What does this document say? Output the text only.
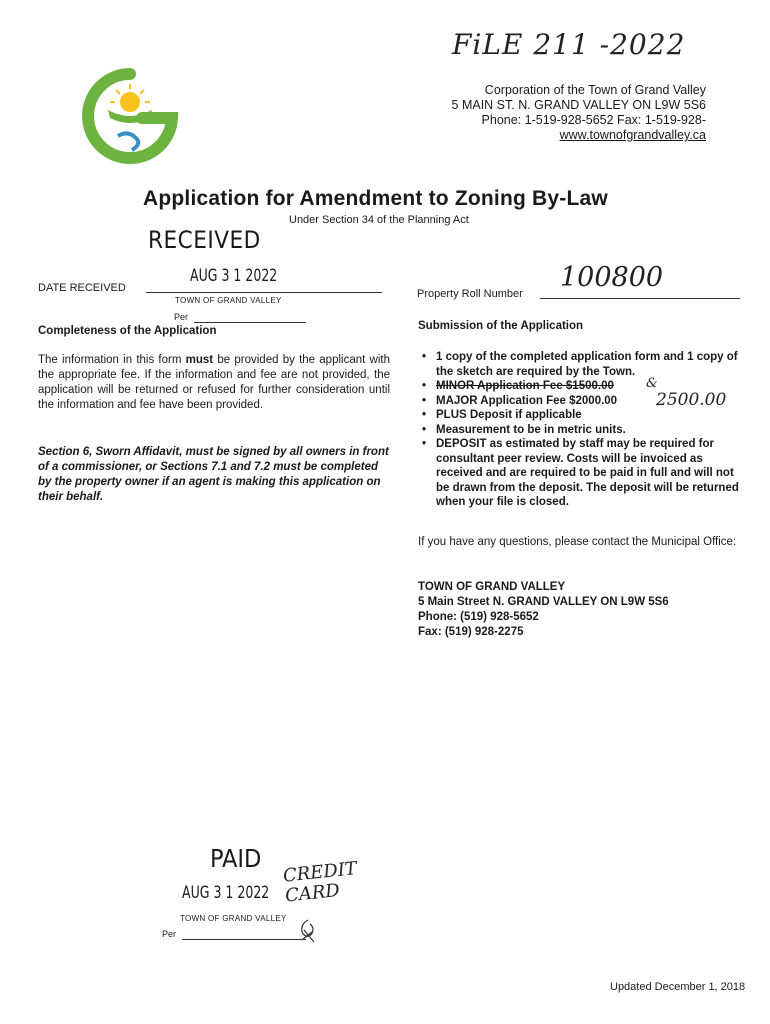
FiLE 211 -2022
Corporation of the Town of Grand Valley
5 MAIN ST. N. GRAND VALLEY ON L9W 5S6
Phone: 1-519-928-5652 Fax: 1-519-928-
www.townofgrandvalley.ca
Application for Amendment to Zoning By-Law
Under Section 34 of the Planning Act
RECEIVED
AUG 3 1 2022
TOWN OF GRAND VALLEY
Per
DATE RECEIVED	Property Roll Number
100800
Completeness of the Application
The information in this form must be provided by the applicant with the appropriate fee. If the information and fee are not provided, the application will be returned or refused for further consideration until the information and fee have been provided.
Section 6, Sworn Affidavit, must be signed by all owners in front of a commissioner, or Sections 7.1 and 7.2 must be completed by the property owner if an agent is making this application on their behalf.
Submission of the Application
• 1 copy of the completed application form and 1 copy of the sketch are required by the Town.
• MINOR Application Fee $1500.00
• MAJOR Application Fee $2000.00
• PLUS Deposit if applicable
• Measurement to be in metric units.
• DEPOSIT as estimated by staff may be required for consultant peer review. Costs will be invoiced as received and are required to be paid in full and will not be drawn from the deposit. The deposit will be returned when your file is closed.
&
2500.00
If you have any questions, please contact the Municipal Office:
TOWN OF GRAND VALLEY
5 Main Street N. GRAND VALLEY ON L9W 5S6
Phone: (519) 928-5652
Fax: (519) 928-2275
PAID
AUG 3 1 2022
TOWN OF GRAND VALLEY
Per
CREDIT CARD
Updated December 1, 2018
